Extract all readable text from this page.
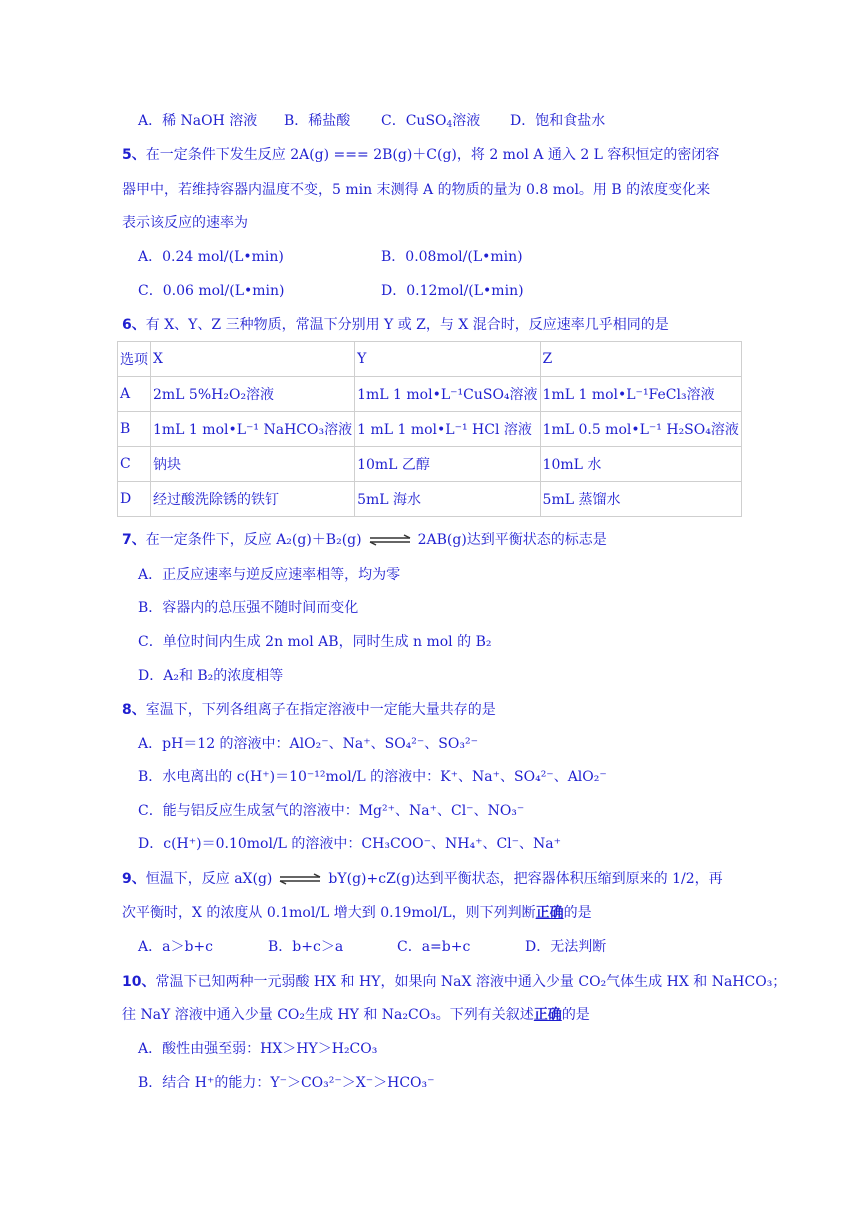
A．稀 NaOH 溶液 B．稀盐酸 C．CuSO$_4$溶液 D．饱和食盐水
5、在一定条件下发生反应 2A(g) === 2B(g)＋C(g)，将 2 mol A 通入 2 L 容积恒定的密闭容
器甲中，若维持容器内温度不变，5 min 末测得 A 的物质的量为 0.8 mol。用 B 的浓度变化来
表示该反应的速率为
A．0.24 mol/(L•min)	B．0.08mol/(L•min)
C．0.06 mol/(L•min)	D．0.12mol/(L•min)
6、有 X、Y、Z 三种物质，常温下分别用 Y 或 Z，与 X 混合时，反应速率几乎相同的是
选项	X	Y	Z
A	2mL 5%H₂O₂溶液	1mL 1 mol•L⁻¹CuSO₄溶液	1mL 1 mol•L⁻¹FeCl₃溶液
B	1mL 1 mol•L⁻¹ NaHCO₃溶液	1 mL 1 mol•L⁻¹ HCl 溶液	1mL 0.5 mol•L⁻¹ H₂SO₄溶液
C	钠块	10mL 乙醇	10mL 水
D	经过酸洗除锈的铁钉	5mL 海水	5mL 蒸馏水
7、在一定条件下，反应 A₂(g)＋B₂(g) ⇌ 2AB(g)达到平衡状态的标志是
A．正反应速率与逆反应速率相等，均为零
B．容器内的总压强不随时间而变化
C．单位时间内生成 2n mol AB，同时生成 n mol 的 B₂
D．A₂和 B₂的浓度相等
8、室温下，下列各组离子在指定溶液中一定能大量共存的是
A．pH＝12 的溶液中：AlO₂⁻、Na⁺、SO₄²⁻、SO₃²⁻
B．水电离出的 c(H⁺)＝10⁻¹²mol/L 的溶液中：K⁺、Na⁺、SO₄²⁻、AlO₂⁻
C．能与铝反应生成氢气的溶液中：Mg²⁺、Na⁺、Cl⁻、NO₃⁻
D．c(H⁺)＝0.10mol/L 的溶液中：CH₃COO⁻、NH₄⁺、Cl⁻、Na⁺
9、恒温下，反应 aX(g) ⇌ bY(g)+cZ(g)达到平衡状态，把容器体积压缩到原来的 1/2，再
次平衡时，X 的浓度从 0.1mol/L 增大到 0.19mol/L，则下列判断正确的是
A．a＞b+c	B．b+c＞a	C．a=b+c	D．无法判断
10、常温下已知两种一元弱酸 HX 和 HY，如果向 NaX 溶液中通入少量 CO₂气体生成 HX 和 NaHCO₃；
往 NaY 溶液中通入少量 CO₂生成 HY 和 Na₂CO₃。下列有关叙述正确的是
A．酸性由强至弱：HX＞HY＞H₂CO₃
B．结合 H⁺的能力：Y⁻＞CO₃²⁻＞X⁻＞HCO₃⁻
